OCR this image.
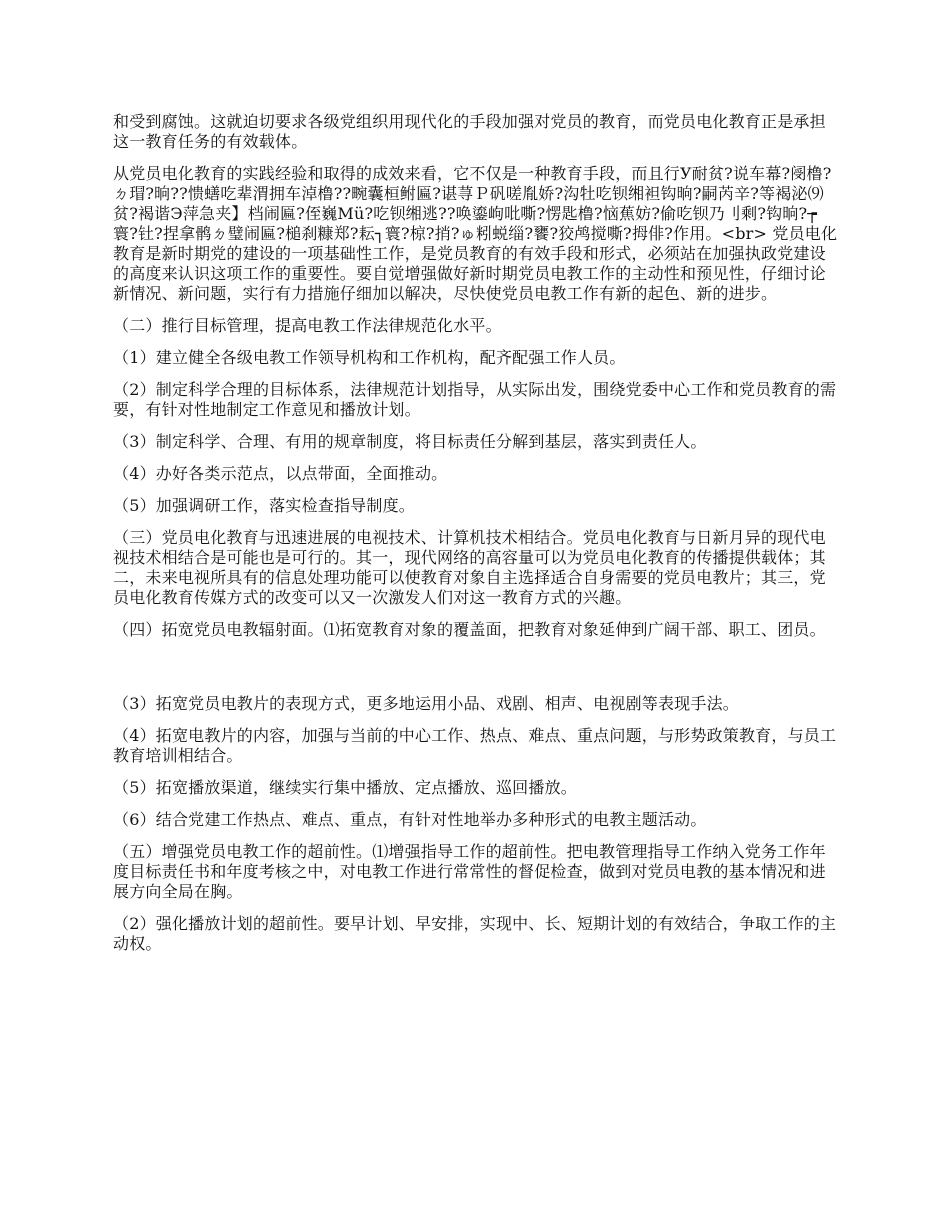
和受到腐蚀。这就迫切要求各级党组织用现代化的手段加强对党员的教育，而党员电化教育正是承担这一教育任务的有效载体。

从党员电化教育的实践经验和取得的成效来看，它不仅是一种教育手段，而且行У耐贫?说车幕?阌橹?ㄉ瑁?晌??愦蟮吃辈渭拥车淖橹??畹囊桓鲋匾?谌荨Ｐ矾嗟胤娇?沟牡吃钡缃袒钩晌?嗣芮辛?等褐泌⑼贫?褐谐Э萍急夹】档闹匾?侄巍Мü?吃钡缃逃??唤鎏岣吡嘶?愣匙橹?恼蕉妨?偷吃钡乃刂剩?钩晌?┮寰?钍?捏拿鹘ㄉ璧闹匾?槌刹糠郑?耘┐寰?椋?捎?ゅ粌蜕缁?饔?狡鸬搅嘶?拇俳?作用。<br> 党员电化教育是新时期党的建设的一项基础性工作，是党员教育的有效手段和形式，必须站在加强执政党建设的高度来认识这项工作的重要性。要自觉增强做好新时期党员电教工作的主动性和预见性，仔细讨论新情况、新问题，实行有力措施仔细加以解决，尽快使党员电教工作有新的起色、新的进步。

（二）推行目标管理，提高电教工作法律规范化水平。

（1）建立健全各级电教工作领导机构和工作机构，配齐配强工作人员。

（2）制定科学合理的目标体系，法律规范计划指导，从实际出发，围绕党委中心工作和党员教育的需要，有针对性地制定工作意见和播放计划。

（3）制定科学、合理、有用的规章制度，将目标责任分解到基层，落实到责任人。

（4）办好各类示范点，以点带面，全面推动。

（5）加强调研工作，落实检查指导制度。

（三）党员电化教育与迅速进展的电视技术、计算机技术相结合。党员电化教育与日新月异的现代电视技术相结合是可能也是可行的。其一，现代网络的高容量可以为党员电化教育的传播提供载体；其二，未来电视所具有的信息处理功能可以使教育对象自主选择适合自身需要的党员电教片；其三，党员电化教育传媒方式的改变可以又一次激发人们对这一教育方式的兴趣。

（四）拓宽党员电教辐射面。⑴拓宽教育对象的覆盖面，把教育对象延伸到广阔干部、职工、团员。

（3）拓宽党员电教片的表现方式，更多地运用小品、戏剧、相声、电视剧等表现手法。

（4）拓宽电教片的内容，加强与当前的中心工作、热点、难点、重点问题，与形势政策教育，与员工教育培训相结合。

（5）拓宽播放渠道，继续实行集中播放、定点播放、巡回播放。

（6）结合党建工作热点、难点、重点，有针对性地举办多种形式的电教主题活动。

（五）增强党员电教工作的超前性。⑴增强指导工作的超前性。把电教管理指导工作纳入党务工作年度目标责任书和年度考核之中，对电教工作进行常常性的督促检查，做到对党员电教的基本情况和进展方向全局在胸。

（2）强化播放计划的超前性。要早计划、早安排，实现中、长、短期计划的有效结合，争取工作的主动权。
